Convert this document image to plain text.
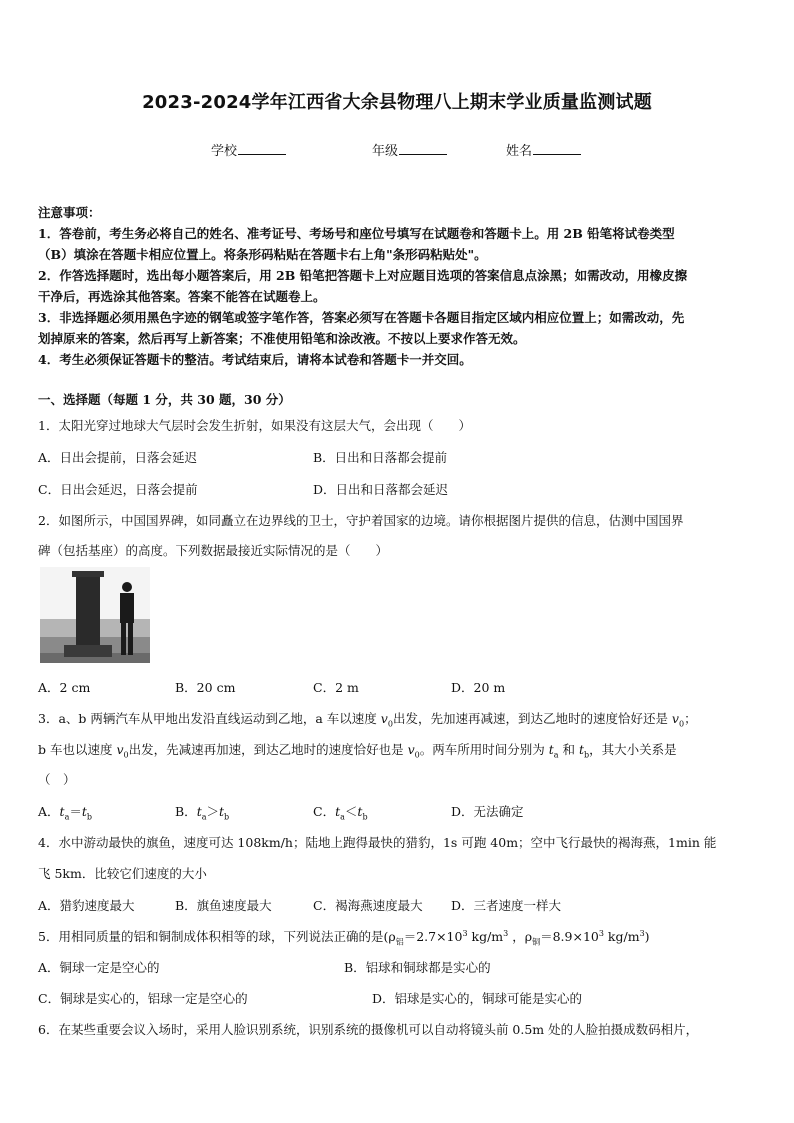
2023-2024学年江西省大余县物理八上期末学业质量监测试题
学校	年级	姓名
注意事项：
1．答卷前，考生务必将自己的姓名、准考证号、考场号和座位号填写在试题卷和答题卡上。用 2B 铅笔将试卷类型
（B）填涂在答题卡相应位置上。将条形码粘贴在答题卡右上角"条形码粘贴处"。
2．作答选择题时，选出每小题答案后，用 2B 铅笔把答题卡上对应题目选项的答案信息点涂黑；如需改动，用橡皮擦
干净后，再选涂其他答案。答案不能答在试题卷上。
3．非选择题必须用黑色字迹的钢笔或签字笔作答，答案必须写在答题卡各题目指定区域内相应位置上；如需改动，先
划掉原来的答案，然后再写上新答案；不准使用铅笔和涂改液。不按以上要求作答无效。
4．考生必须保证答题卡的整洁。考试结束后，请将本试卷和答题卡一并交回。
一、选择题（每题 1 分，共 30 题，30 分）
1．太阳光穿过地球大气层时会发生折射，如果没有这层大气，会出现（　　）
A．日出会提前，日落会延迟	B．日出和日落都会提前
C．日出会延迟，日落会提前	D．日出和日落都会延迟
2．如图所示，中国国界碑，如同矗立在边界线的卫士，守护着国家的边境。请你根据图片提供的信息，估测中国国界
碑（包括基座）的高度。下列数据最接近实际情况的是（　　）
A．2 cm	B．20 cm	C．2 m	D．20 m
3．a、b 两辆汽车从甲地出发沿直线运动到乙地，a 车以速度 $v_0$出发，先加速再减速，到达乙地时的速度恰好还是 $v_0$；
b 车也以速度 $v_0$出发，先减速再加速，到达乙地时的速度恰好也是 $v_0$。两车所用时间分别为 $t_a$ 和 $t_b$，其大小关系是
（　）
A．$t_a=t_b$	B．$t_a>t_b$	C．$t_a<t_b$	D．无法确定
4．水中游动最快的旗鱼，速度可达 108km/h；陆地上跑得最快的猎豹，1s 可跑 40m；空中飞行最快的褐海燕，1min 能
飞 5km．比较它们速度的大小
A．猎豹速度最大	B．旗鱼速度最大	C．褐海燕速度最大 D．三者速度一样大
5．用相同质量的铝和铜制成体积相等的球，下列说法正确的是($\rho_铝=2.7\times 10^3$ $kg/m^3$ ，$\rho_铜=8.9\times 10^3$ $kg/m^3$)
A．铜球一定是空心的	B．铝球和铜球都是实心的
C．铜球是实心的，铝球一定是空心的	D．铝球是实心的，铜球可能是实心的
6．在某些重要会议入场时，采用人脸识别系统，识别系统的摄像机可以自动将镜头前 0.5m 处的人脸拍摄成数码相片，
